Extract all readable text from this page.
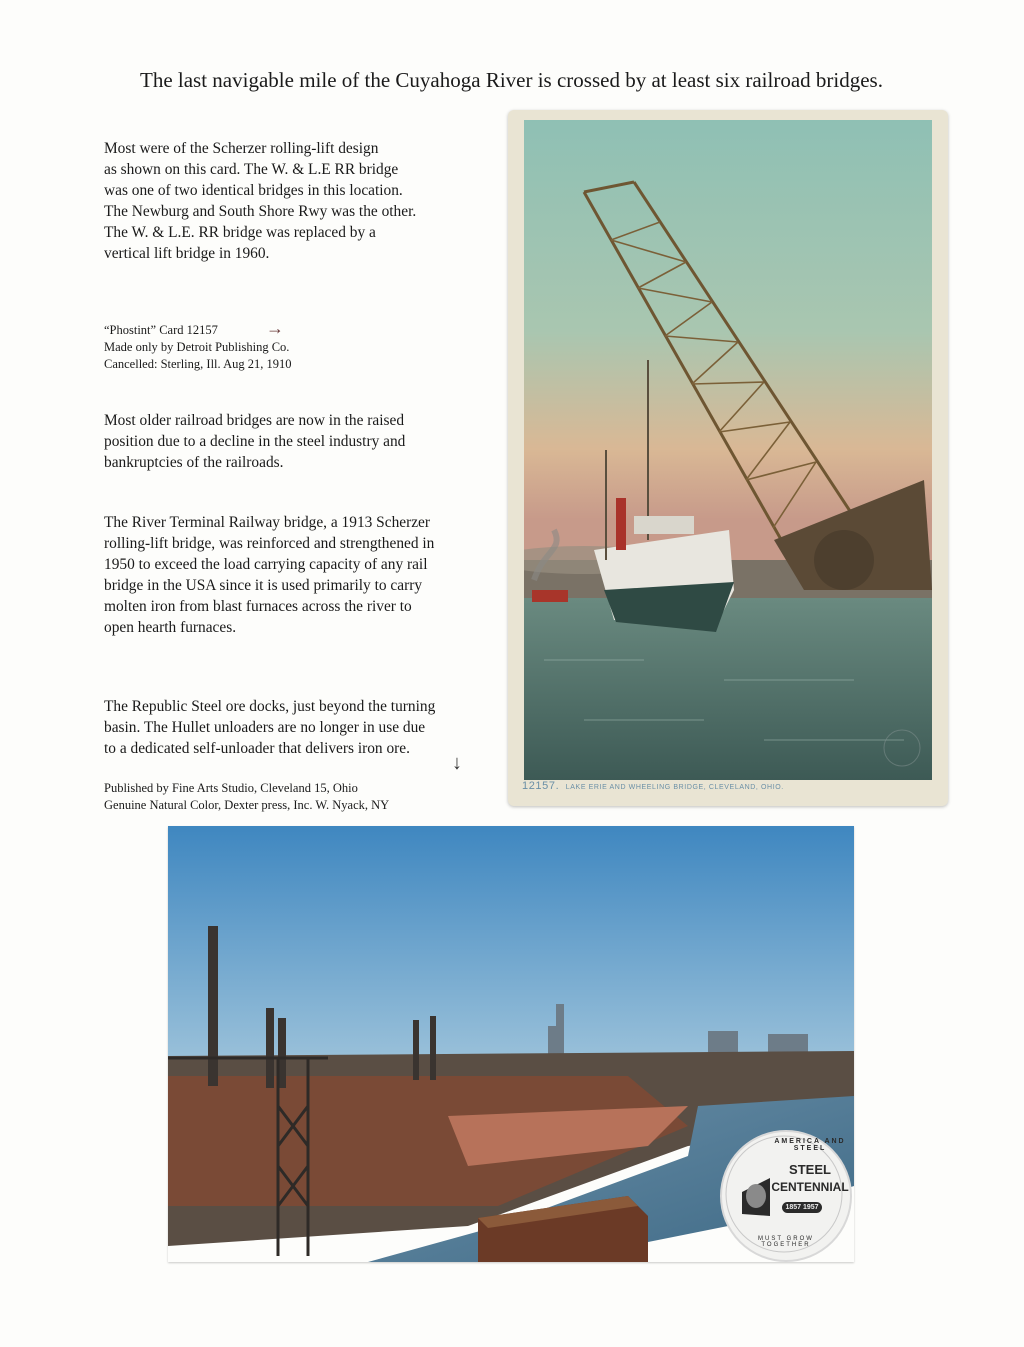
The last navigable mile of the Cuyahoga River is crossed by at least six railroad bridges.
Most were of the Scherzer rolling-lift design
as shown on this card. The W. & L.E RR bridge
was one of two identical bridges in this location.
The Newburg and South Shore Rwy was the other.
The W. & L.E. RR bridge was replaced by a
vertical lift bridge in 1960.
“Phostint” Card 12157
Made only by Detroit Publishing Co.
Cancelled: Sterling, Ill. Aug 21, 1910
→
Most older railroad bridges are now in the raised
position due to a decline in the steel industry and
bankruptcies of the railroads.
The River Terminal Railway bridge, a 1913 Scherzer
rolling-lift bridge, was reinforced and strengthened in
1950 to exceed the load carrying capacity of any rail
bridge in the USA since it is used primarily to carry
molten iron from blast furnaces across the river to
open hearth furnaces.
The Republic Steel ore docks, just beyond the turning
basin. The Hullet unloaders are no longer in use due
to a dedicated self-unloader that delivers iron ore.
↓
Published by Fine Arts Studio, Cleveland 15, Ohio
Genuine Natural Color, Dexter press, Inc. W. Nyack, NY
12157. LAKE ERIE AND WHEELING BRIDGE, CLEVELAND, OHIO.
AMERICA AND STEEL
STEEL
CENTENNIAL
1857 1957
MUST GROW TOGETHER
